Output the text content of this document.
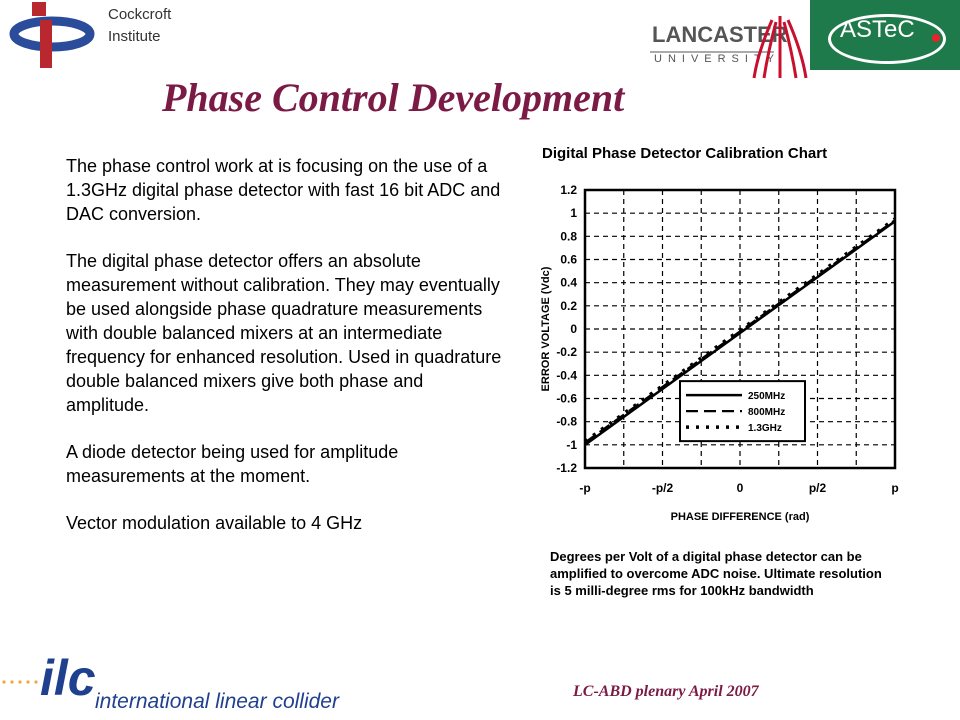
Cockcroft
Institute	LANCASTER
UNIVERSITY
ASTeC
Phase Control Development

The phase control work at is focusing on the use of a 1.3GHz digital phase detector with fast 16 bit ADC and DAC conversion.

The digital phase detector offers an absolute measurement without calibration. They may eventually be used alongside phase quadrature measurements with double balanced mixers at an intermediate frequency for enhanced resolution. Used in quadrature double balanced mixers give both phase and amplitude.

A diode detector being used for amplitude measurements at the moment.

Vector modulation available to 4 GHz

Digital Phase Detector Calibration Chart
1.2
1
0.8
0.6
0.4
0.2
0
-0.2
-0.4
-0.6
-0.8
-1
-1.2
-p	-p/2	0	p/2	p
PHASE DIFFERENCE (rad)
ERROR VOLTAGE (Vdc)
250MHz
800MHz
1.3GHz
Degrees per Volt of a digital phase detector can be amplified to overcome ADC noise. Ultimate resolution is 5 milli-degree rms for 100kHz bandwidth
ilc international linear collider	LC-ABD plenary April 2007
